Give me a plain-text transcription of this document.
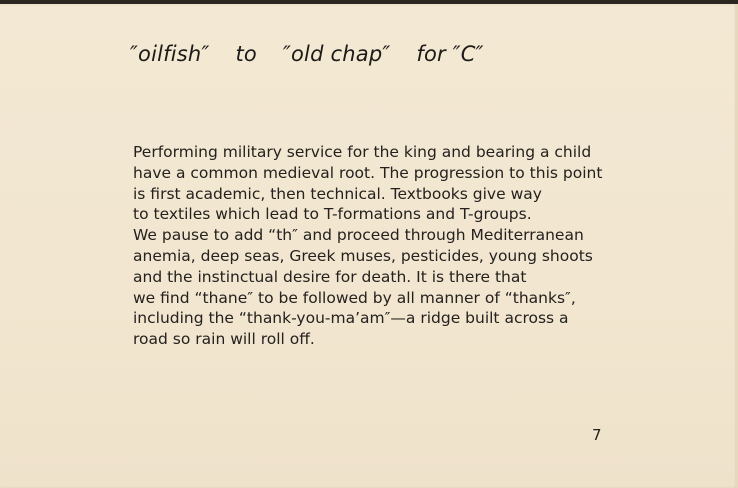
″oilfish″ to ″old chap″ for ″C″
Performing military service for the king and bearing a child
have a common medieval root. The progression to this point
is first academic, then technical. Textbooks give way
to textiles which lead to T-formations and T-groups.
We pause to add “th″ and proceed through Mediterranean
anemia, deep seas, Greek muses, pesticides, young shoots
and the instinctual desire for death. It is there that
we find “thane″ to be followed by all manner of “thanks″,
including the “thank-you-ma’am″—a ridge built across a
road so rain will roll off.
7
